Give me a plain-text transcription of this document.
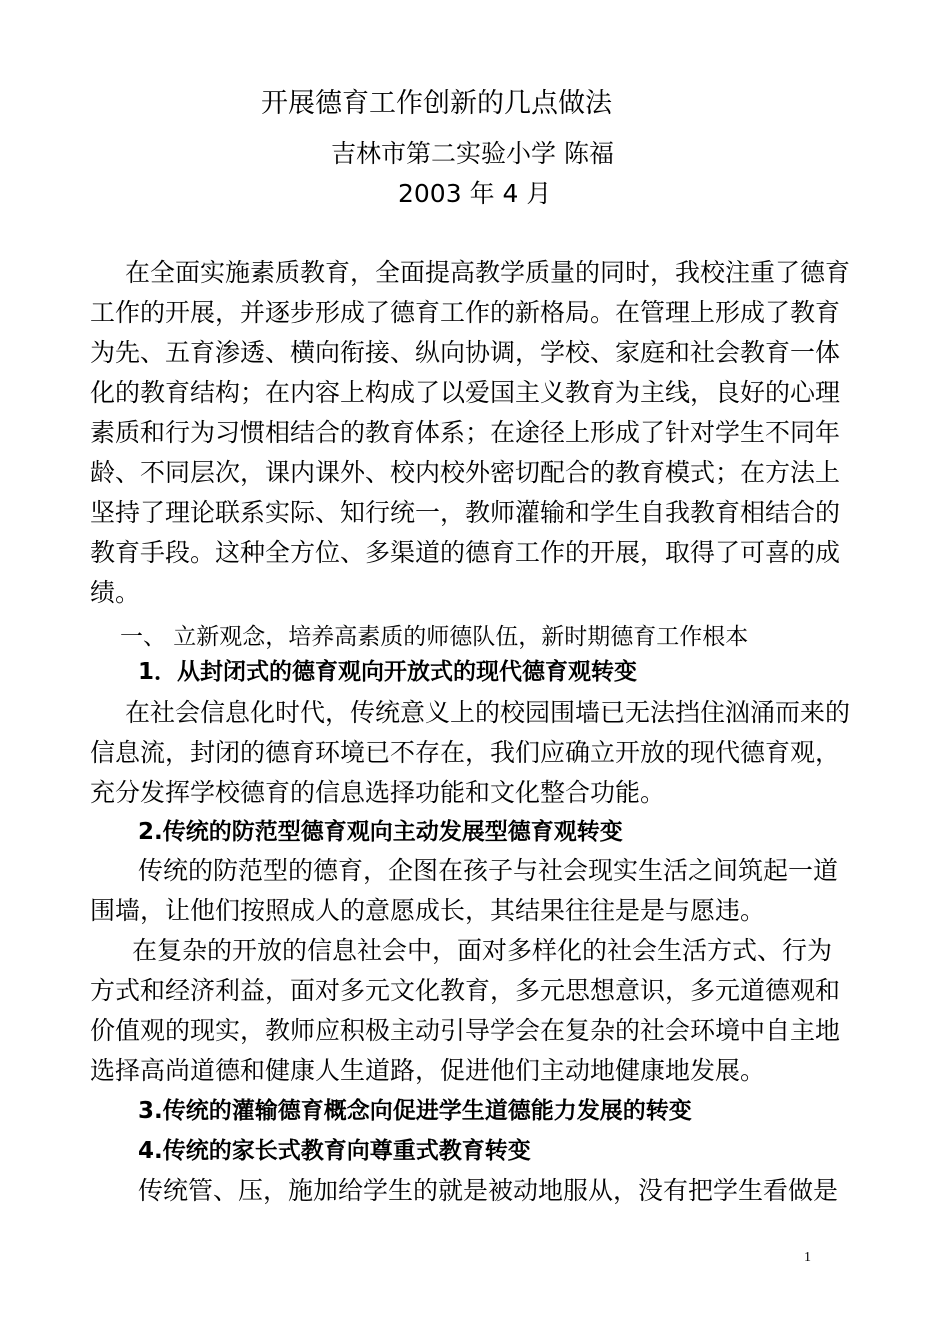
开展德育工作创新的几点做法
吉林市第二实验小学 陈福
2003 年 4 月
在全面实施素质教育，全面提高教学质量的同时，我校注重了德育
工作的开展，并逐步形成了德育工作的新格局。在管理上形成了教育
为先、五育渗透、横向衔接、纵向协调，学校、家庭和社会教育一体
化的教育结构；在内容上构成了以爱国主义教育为主线，良好的心理
素质和行为习惯相结合的教育体系；在途径上形成了针对学生不同年
龄、不同层次，课内课外、校内校外密切配合的教育模式；在方法上
坚持了理论联系实际、知行统一，教师灌输和学生自我教育相结合的
教育手段。这种全方位、多渠道的德育工作的开展，取得了可喜的成
绩。
一、 立新观念，培养高素质的师德队伍，新时期德育工作根本
1．从封闭式的德育观向开放式的现代德育观转变
在社会信息化时代，传统意义上的校园围墙已无法挡住汹涌而来的
信息流，封闭的德育环境已不存在，我们应确立开放的现代德育观，
充分发挥学校德育的信息选择功能和文化整合功能。
2.传统的防范型德育观向主动发展型德育观转变
传统的防范型的德育，企图在孩子与社会现实生活之间筑起一道
围墙，让他们按照成人的意愿成长，其结果往往是是与愿违。
在复杂的开放的信息社会中，面对多样化的社会生活方式、行为
方式和经济利益，面对多元文化教育，多元思想意识，多元道德观和
价值观的现实，教师应积极主动引导学会在复杂的社会环境中自主地
选择高尚道德和健康人生道路，促进他们主动地健康地发展。
3.传统的灌输德育概念向促进学生道德能力发展的转变
4.传统的家长式教育向尊重式教育转变
传统管、压，施加给学生的就是被动地服从，没有把学生看做是
1
